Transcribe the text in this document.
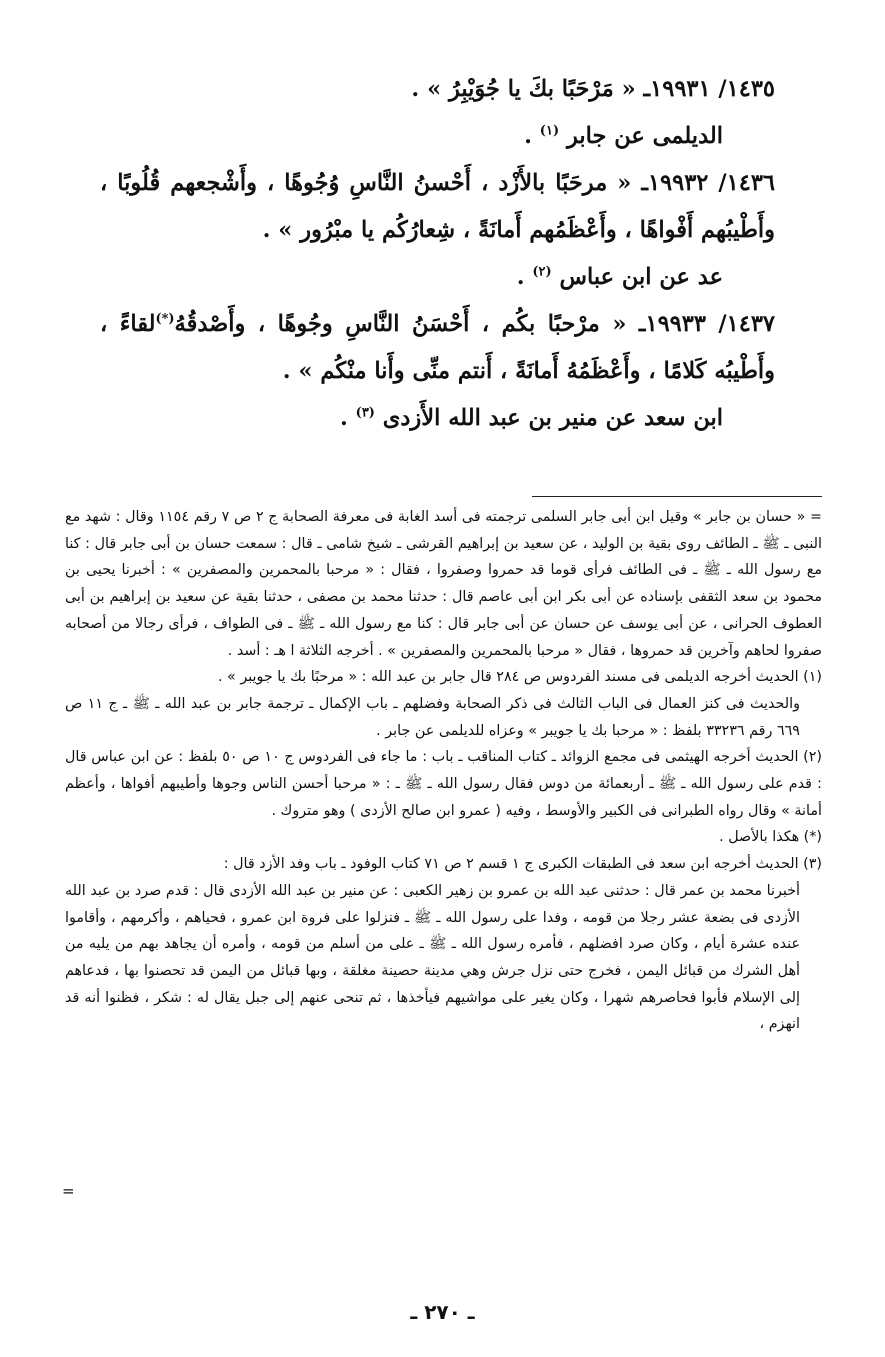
١٤٣٥/ ١٩٩٣١ـ « مَرْحَبًا بكَ يا جُوَيْبِرُ » .

الديلمى عن جابر $^{(١)}$ .

١٤٣٦/ ١٩٩٣٢ـ « مرحَبًا بالأَزْد ، أَحْسنُ النَّاسِ وُجُوهًا ، وأَشْجعهم قُلُوبًا ، وأَطْيبُهم أَفْواهًا ، وأَعْظَمُهم أَمانَةً ، شِعارُكُم يا مبْرُور » .

عد عن ابن عباس $^{(٢)}$ .

١٤٣٧/ ١٩٩٣٣ـ « مرْحبًا بكُم ، أَحْسَنُ النَّاسِ وجُوهًا ، وأَصْدقُهُ(*)لقاءً ، وأَطْيبُه كَلامًا ، وأَعْظَمُهُ أَمانَةً ، أَنتم منِّى وأَنا منْكُم » .

ابن سعد عن منير بن عبد الله الأَزدى $^{(٣)}$ .

= « حسان بن جابر » وقيل ابن أبى جابر السلمى ترجمته فى أسد الغابة فى معرفة الصحابة ج ٢ ص ٧ رقم ١١٥٤ وقال : شهد مع النبى ـ ﷺ ـ الطائف روى بقية بن الوليد ، عن سعيد بن إبراهيم القرشى ـ شيخ شامى ـ قال : سمعت حسان بن أبى جابر قال : كنا مع رسول الله ـ ﷺ ـ فى الطائف فرأى قوما قد حمروا وصفروا ، فقال : « مرحبا بالمحمرين والمصفرين » : أخبرنا يحيى بن محمود بن سعد الثقفى بإسناده عن أبى بكر ابن أبى عاصم قال : حدثنا محمد بن مصفى ، حدثنا بقية عن سعيد بن إبراهيم بن أبى العطوف الحرانى ، عن أبى يوسف عن حسان عن أبى جابر قال : كنا مع رسول الله ـ ﷺ ـ فى الطواف ، فرأى رجالا من أصحابه صفروا لحاهم وآخرين قد حمروها ، فقال « مرحبا بالمحمرين والمصفرين » . أخرجه الثلاثة ا هـ : أسد .

(١) الحديث أخرجه الديلمى فى مسند الفردوس ص ٢٨٤ قال جابر بن عبد الله : « مرحبًا بك يا جويبر » .

والحديث فى كنز العمال فى الباب الثالث فى ذكر الصحابة وفضلهم ـ باب الإكمال ـ ترجمة جابر بن عبد الله ـ ﷺ ـ ج ١١ ص ٦٦٩ رقم ٣٣٢٣٦ بلفظ : « مرحبا بك يا جويبر » وعزاه للديلمى عن جابر .

(٢) الحديث أخرجه الهيثمى فى مجمع الزوائد ـ كتاب المناقب ـ باب : ما جاء فى الفردوس ج ١٠ ص ٥٠ بلفظ : عن ابن عباس قال : قدم على رسول الله ـ ﷺ ـ أربعمائة من دوس فقال رسول الله ـ ﷺ ـ : « مرحبا أحسن الناس وجوها وأطيبهم أفواها ، وأعظم أمانة » وقال رواه الطبرانى فى الكبير والأوسط ، وفيه ( عمرو ابن صالح الأزدى ) وهو متروك .

(*) هكذا بالأصل .

(٣) الحديث أخرجه ابن سعد فى الطبقات الكبرى ج ١ قسم ٢ ص ٧١ كتاب الوفود ـ باب وفد الأزد قال :

أخبرنا محمد بن عمر قال : حدثنى عبد الله بن عمرو بن زهير الكعبى : عن منير بن عبد الله الأزدى قال : قدم صرد بن عبد الله الأزدى فى بضعة عشر رجلا من قومه ، وفدا على رسول الله ـ ﷺ ـ فنزلوا على فروة ابن عمرو ، فحياهم ، وأكرمهم ، وأقاموا عنده عشرة أيام ، وكان صرد افضلهم ، فأمره رسول الله ـ ﷺ ـ على من أسلم من قومه ، وأمره أن يجاهد بهم من يليه من أهل الشرك من قبائل اليمن ، فخرج حتى نزل جرش وهي مدينة حصينة مغلقة ، وبها قبائل من اليمن قد تحصنوا بها ، فدعاهم إلى الإسلام فأبوا فحاصرهم شهرا ، وكان يغير على مواشيهم فيأخذها ، ثم تنحى عنهم إلى جبل يقال له : شكر ، فظنوا أنه قد انهزم ،

=
ـ ٢٧٠ ـ
